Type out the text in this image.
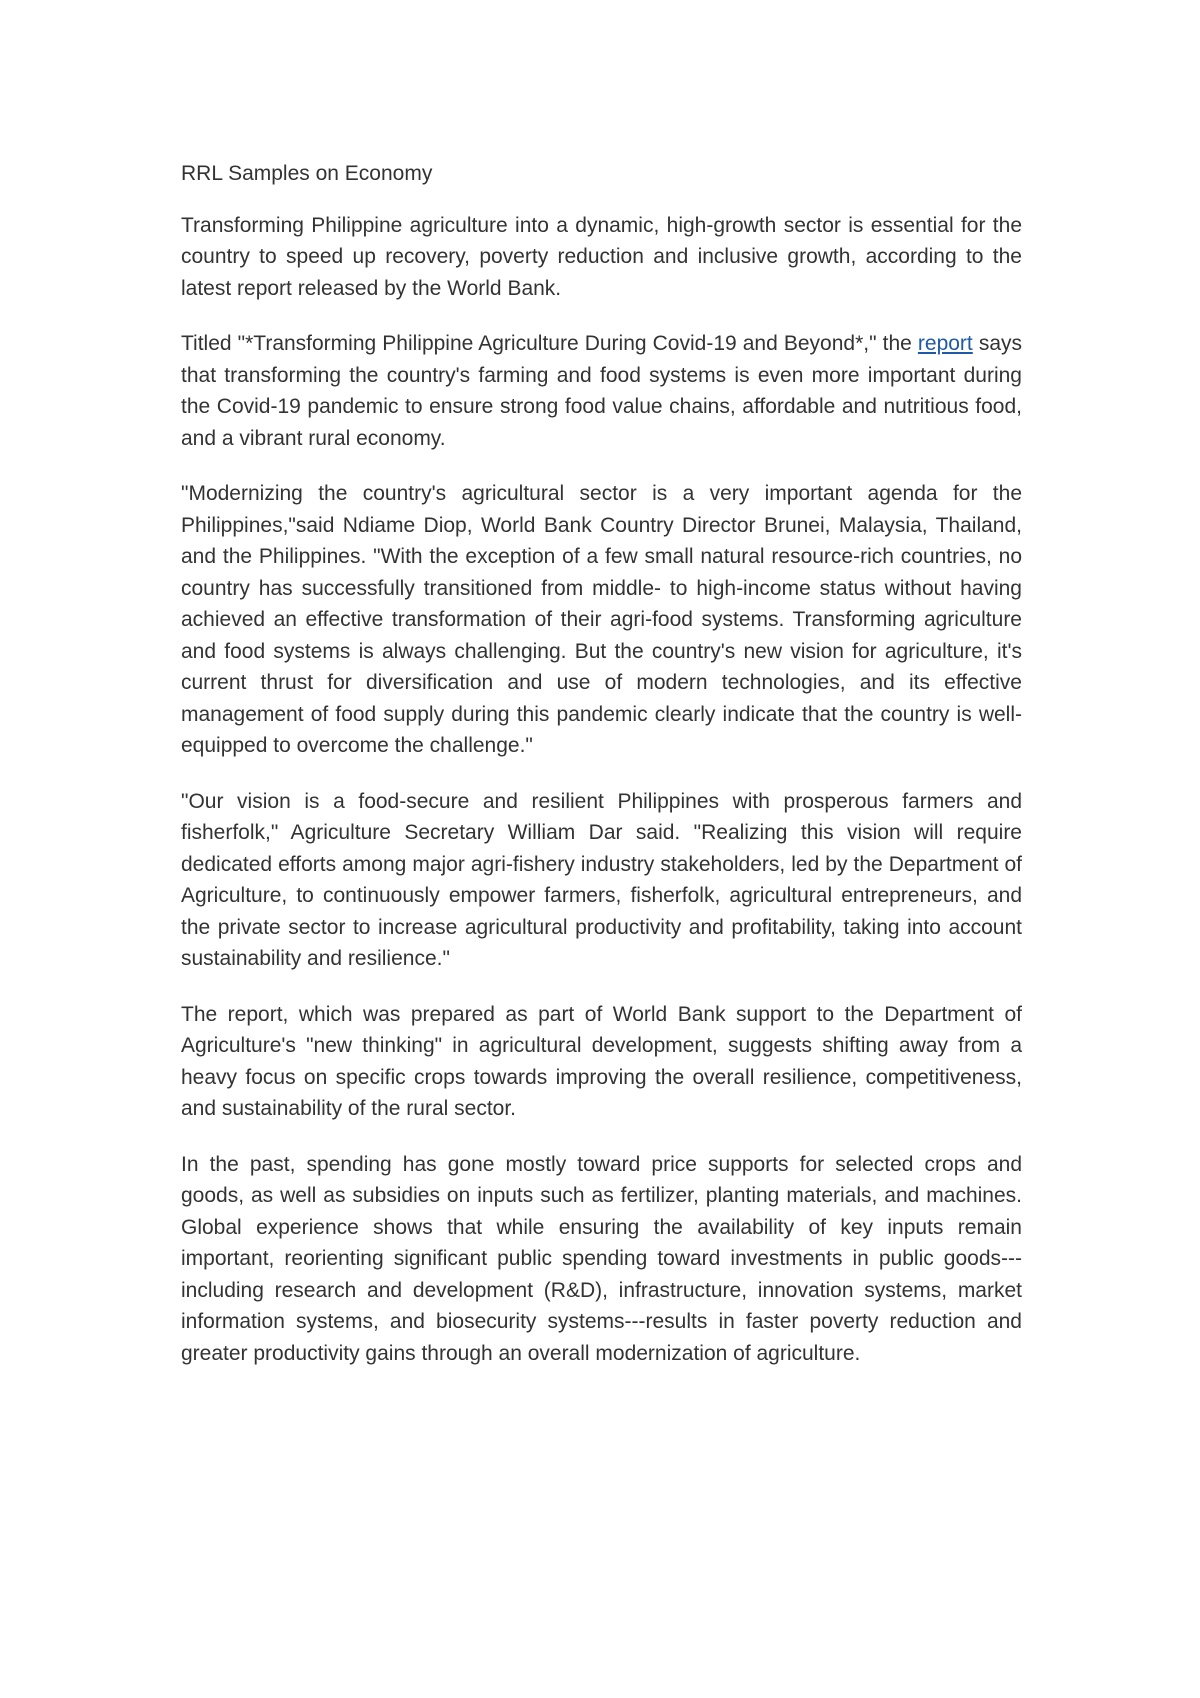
RRL Samples on Economy

Transforming Philippine agriculture into a dynamic, high-growth sector is essential for the country to speed up recovery, poverty reduction and inclusive growth, according to the latest report released by the World Bank.

Titled "*Transforming Philippine Agriculture During Covid-19 and Beyond*," the report says that transforming the country's farming and food systems is even more important during the Covid-19 pandemic to ensure strong food value chains, affordable and nutritious food, and a vibrant rural economy.

"Modernizing the country's agricultural sector is a very important agenda for the Philippines,"said Ndiame Diop, World Bank Country Director Brunei, Malaysia, Thailand, and the Philippines. "With the exception of a few small natural resource-rich countries, no country has successfully transitioned from middle- to high-income status without having achieved an effective transformation of their agri-food systems. Transforming agriculture and food systems is always challenging. But the country's new vision for agriculture, it's current thrust for diversification and use of modern technologies, and its effective management of food supply during this pandemic clearly indicate that the country is well-equipped to overcome the challenge."

"Our vision is a food-secure and resilient Philippines with prosperous farmers and fisherfolk," Agriculture Secretary William Dar said. "Realizing this vision will require dedicated efforts among major agri-fishery industry stakeholders, led by the Department of Agriculture, to continuously empower farmers, fisherfolk, agricultural entrepreneurs, and the private sector to increase agricultural productivity and profitability, taking into account sustainability and resilience."

The report, which was prepared as part of World Bank support to the Department of Agriculture's "new thinking" in agricultural development, suggests shifting away from a heavy focus on specific crops towards improving the overall resilience, competitiveness, and sustainability of the rural sector.

In the past, spending has gone mostly toward price supports for selected crops and goods, as well as subsidies on inputs such as fertilizer, planting materials, and machines. Global experience shows that while ensuring the availability of key inputs remain important, reorienting significant public spending toward investments in public goods---including research and development (R&D), infrastructure, innovation systems, market information systems, and biosecurity systems---results in faster poverty reduction and greater productivity gains through an overall modernization of agriculture.
